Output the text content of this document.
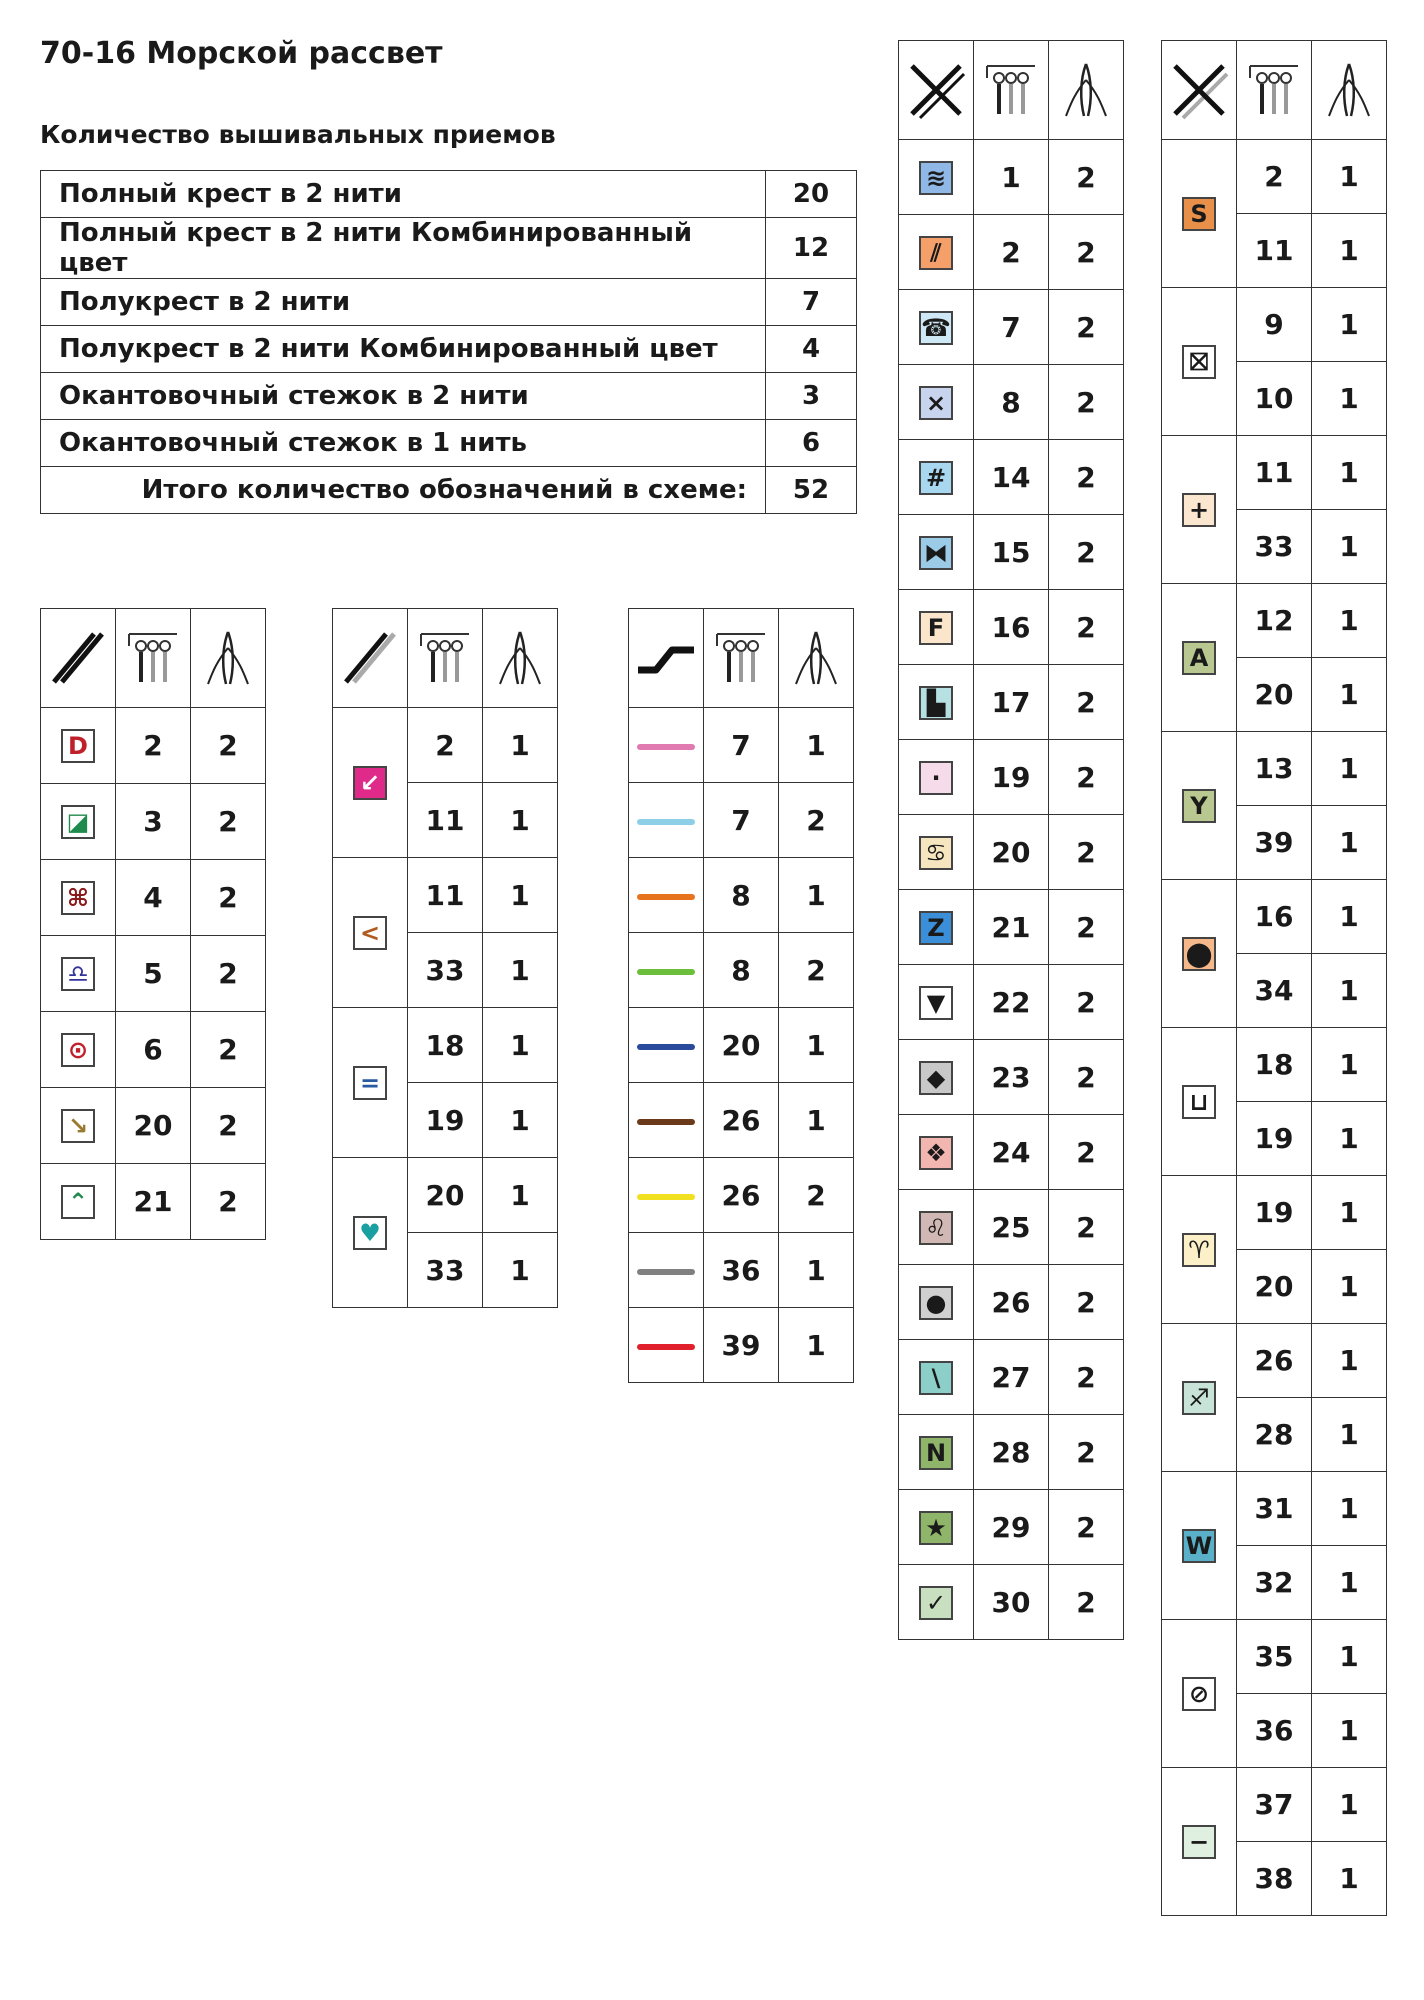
70-16 Морской рассвет
Количество вышивальных приемов
Полный крест в 2 нити	20
Полный крест в 2 нити Комбинированный цвет	12
Полукрест в 2 нити	7
Полукрест в 2 нити Комбинированный цвет	4
Окантовочный стежок в 2 нити	3
Окантовочный стежок в 1 нить	6
Итого количество обозначений в схеме:	52

D	2	2
◪	3	2
⌘	4	2
♎	5	2
⊙	6	2
↘	20	2
⌃	21	2

↙	2	1
	11	1
<	11	1
	33	1
=	18	1
	19	1
♥	20	1
	33	1

	7	1
	7	2
	8	1
	8	2
	20	1
	26	1
	26	2
	36	1
	39	1

≋	1	2
⫽	2	2
☎	7	2
×	8	2
#	14	2
⧓	15	2
F	16	2
▙	17	2
·	19	2
♋	20	2
Z	21	2
▼	22	2
◆	23	2
❖	24	2
♌	25	2
●	26	2
\	27	2
N	28	2
★	29	2
✓	30	2

S	2	1
	11	1
⛝	9	1
	10	1
+	11	1
	33	1
A	12	1
	20	1
Y	13	1
	39	1
⬤	16	1
	34	1
⊔	18	1
	19	1
♈	19	1
	20	1
♐	26	1
	28	1
W	31	1
	32	1
⊘	35	1
	36	1
−	37	1
	38	1
